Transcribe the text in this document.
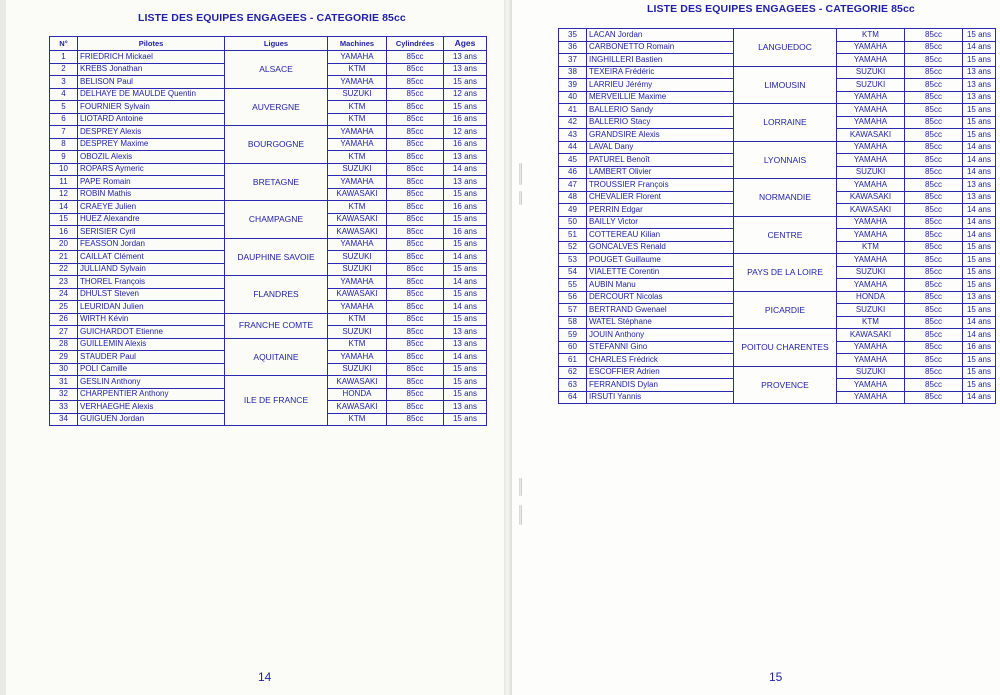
LISTE DES EQUIPES ENGAGEES - CATEGORIE 85cc
LISTE DES EQUIPES ENGAGEES - CATEGORIE 85cc
N°	Pilotes	Ligues	Machines	Cylindrées	Ages
1	FRIEDRICH Mickael	ALSACE	YAMAHA	85cc	13 ans
2	KREBS Jonathan		KTM	85cc	13 ans
3	BELISON Paul		YAMAHA	85cc	15 ans
4	DELHAYE DE MAULDE Quentin	AUVERGNE	SUZUKI	85cc	12 ans
5	FOURNIER Sylvain		KTM	85cc	15 ans
6	LIOTARD Antoine		KTM	85cc	16 ans
7	DESPREY Alexis	BOURGOGNE	YAMAHA	85cc	12 ans
8	DESPREY Maxime		YAMAHA	85cc	16 ans
9	OBOZIL Alexis		KTM	85cc	13 ans
10	ROPARS Aymeric	BRETAGNE	SUZUKI	85cc	14 ans
11	PAPE Romain		YAMAHA	85cc	13 ans
12	ROBIN Mathis		KAWASAKI	85cc	15 ans
14	CRAEYE Julien	CHAMPAGNE	KTM	85cc	16 ans
15	HUEZ Alexandre		KAWASAKI	85cc	15 ans
16	SERISIER Cyril		KAWASAKI	85cc	16 ans
20	FEASSON Jordan	DAUPHINE SAVOIE	YAMAHA	85cc	15 ans
21	CAILLAT Clément		SUZUKI	85cc	14 ans
22	JULLIAND Sylvain		SUZUKI	85cc	15 ans
23	THOREL François	FLANDRES	YAMAHA	85cc	14 ans
24	DHULST Steven		KAWASAKI	85cc	15 ans
25	LEURIDAN Julien		YAMAHA	85cc	14 ans
26	WIRTH Kévin	FRANCHE COMTE	KTM	85cc	15 ans
27	GUICHARDOT Etienne		SUZUKI	85cc	13 ans
28	GUILLEMIN Alexis	AQUITAINE	KTM	85cc	13 ans
29	STAUDER Paul		YAMAHA	85cc	14 ans
30	POLI Camille		SUZUKI	85cc	15 ans
31	GESLIN Anthony	ILE DE FRANCE	KAWASAKI	85cc	15 ans
32	CHARPENTIER Anthony		HONDA	85cc	15 ans
33	VERHAEGHE Alexis		KAWASAKI	85cc	13 ans
34	GUIGUEN Jordan		KTM	85cc	15 ans
35	LACAN Jordan	LANGUEDOC	KTM	85cc	15 ans
36	CARBONETTO Romain		YAMAHA	85cc	14 ans
37	INGHILLERI Bastien		YAMAHA	85cc	15 ans
38	TEXEIRA Frédéric	LIMOUSIN	SUZUKI	85cc	13 ans
39	LARRIEU Jérémy		SUZUKI	85cc	13 ans
40	MERVEILLIE Maxime		YAMAHA	85cc	13 ans
41	BALLERIO Sandy	LORRAINE	YAMAHA	85cc	15 ans
42	BALLERIO Stacy		YAMAHA	85cc	15 ans
43	GRANDSIRE Alexis		KAWASAKI	85cc	15 ans
44	LAVAL Dany	LYONNAIS	YAMAHA	85cc	14 ans
45	PATUREL Benoît		YAMAHA	85cc	14 ans
46	LAMBERT Olivier		SUZUKI	85cc	14 ans
47	TROUSSIER François	NORMANDIE	YAMAHA	85cc	13 ans
48	CHEVALIER Florent		KAWASAKI	85cc	13 ans
49	PERRIN Edgar		KAWASAKI	85cc	14 ans
50	BAILLY Victor	CENTRE	YAMAHA	85cc	14 ans
51	COTTEREAU Kilian		YAMAHA	85cc	14 ans
52	GONCALVES Renald		KTM	85cc	15 ans
53	POUGET Guillaume	PAYS DE LA LOIRE	YAMAHA	85cc	15 ans
54	VIALETTE Corentin		SUZUKI	85cc	15 ans
55	AUBIN Manu		YAMAHA	85cc	15 ans
56	DERCOURT Nicolas	PICARDIE	HONDA	85cc	13 ans
57	BERTRAND Gwenael		SUZUKI	85cc	15 ans
58	WATEL Stéphane		KTM	85cc	14 ans
59	JOUIN Anthony	POITOU CHARENTES	KAWASAKI	85cc	14 ans
60	STEFANNI Gino		YAMAHA	85cc	16 ans
61	CHARLES Frédrick		YAMAHA	85cc	15 ans
62	ESCOFFIER Adrien	PROVENCE	SUZUKI	85cc	15 ans
63	FERRANDIS Dylan		YAMAHA	85cc	15 ans
64	IRSUTI Yannis		YAMAHA	85cc	14 ans
14	15
